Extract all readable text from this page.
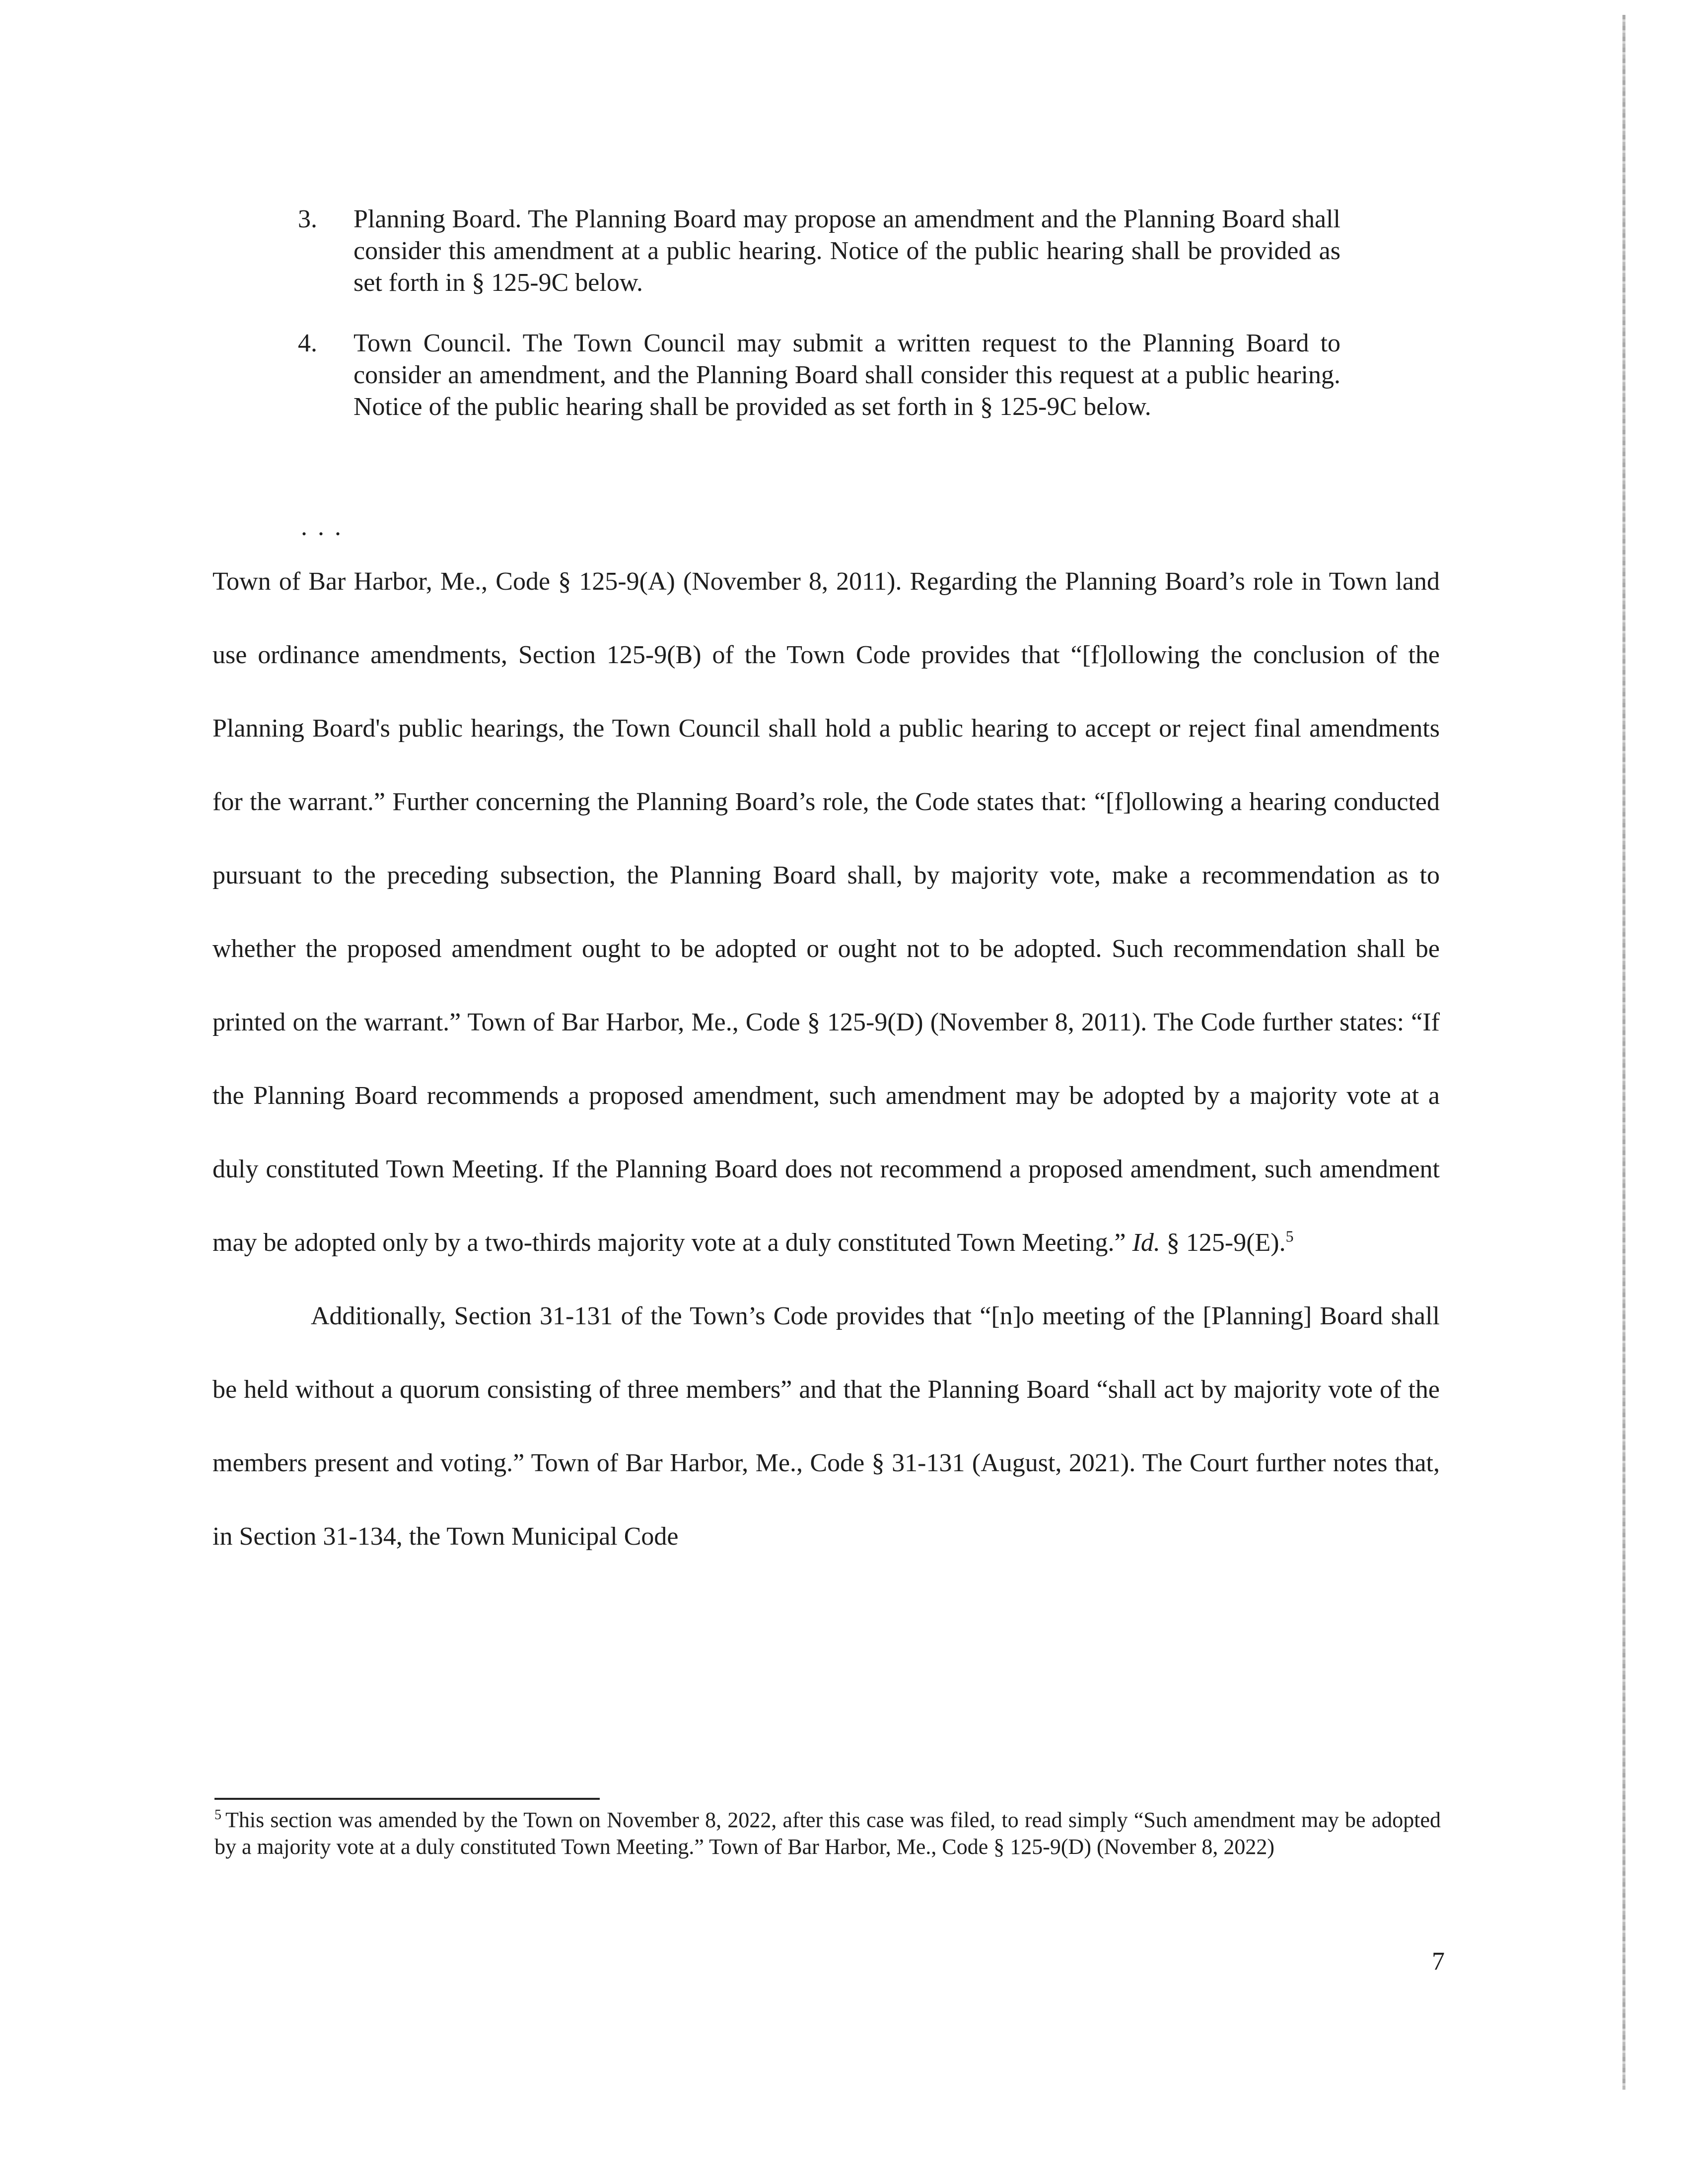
3. Planning Board. The Planning Board may propose an amendment and the Planning Board shall consider this amendment at a public hearing. Notice of the public hearing shall be provided as set forth in § 125-9C below.
4. Town Council. The Town Council may submit a written request to the Planning Board to consider an amendment, and the Planning Board shall consider this request at a public hearing. Notice of the public hearing shall be provided as set forth in § 125-9C below.
. . .

Town of Bar Harbor, Me., Code § 125-9(A) (November 8, 2011). Regarding the Planning Board’s role in Town land use ordinance amendments, Section 125-9(B) of the Town Code provides that “[f]ollowing the conclusion of the Planning Board's public hearings, the Town Council shall hold a public hearing to accept or reject final amendments for the warrant.” Further concerning the Planning Board’s role, the Code states that: “[f]ollowing a hearing conducted pursuant to the preceding subsection, the Planning Board shall, by majority vote, make a recommendation as to whether the proposed amendment ought to be adopted or ought not to be adopted. Such recommendation shall be printed on the warrant.” Town of Bar Harbor, Me., Code § 125-9(D) (November 8, 2011). The Code further states: “If the Planning Board recommends a proposed amendment, such amendment may be adopted by a majority vote at a duly constituted Town Meeting. If the Planning Board does not recommend a proposed amendment, such amendment may be adopted only by a two-thirds majority vote at a duly constituted Town Meeting.” Id. § 125-9(E).$^5$

Additionally, Section 31-131 of the Town’s Code provides that “[n]o meeting of the [Planning] Board shall be held without a quorum consisting of three members” and that the Planning Board “shall act by majority vote of the members present and voting.” Town of Bar Harbor, Me., Code § 31-131 (August, 2021). The Court further notes that, in Section 31-134, the Town Municipal Code

$^5$ This section was amended by the Town on November 8, 2022, after this case was filed, to read simply “Such amendment may be adopted by a majority vote at a duly constituted Town Meeting.” Town of Bar Harbor, Me., Code § 125-9(D) (November 8, 2022)

7
